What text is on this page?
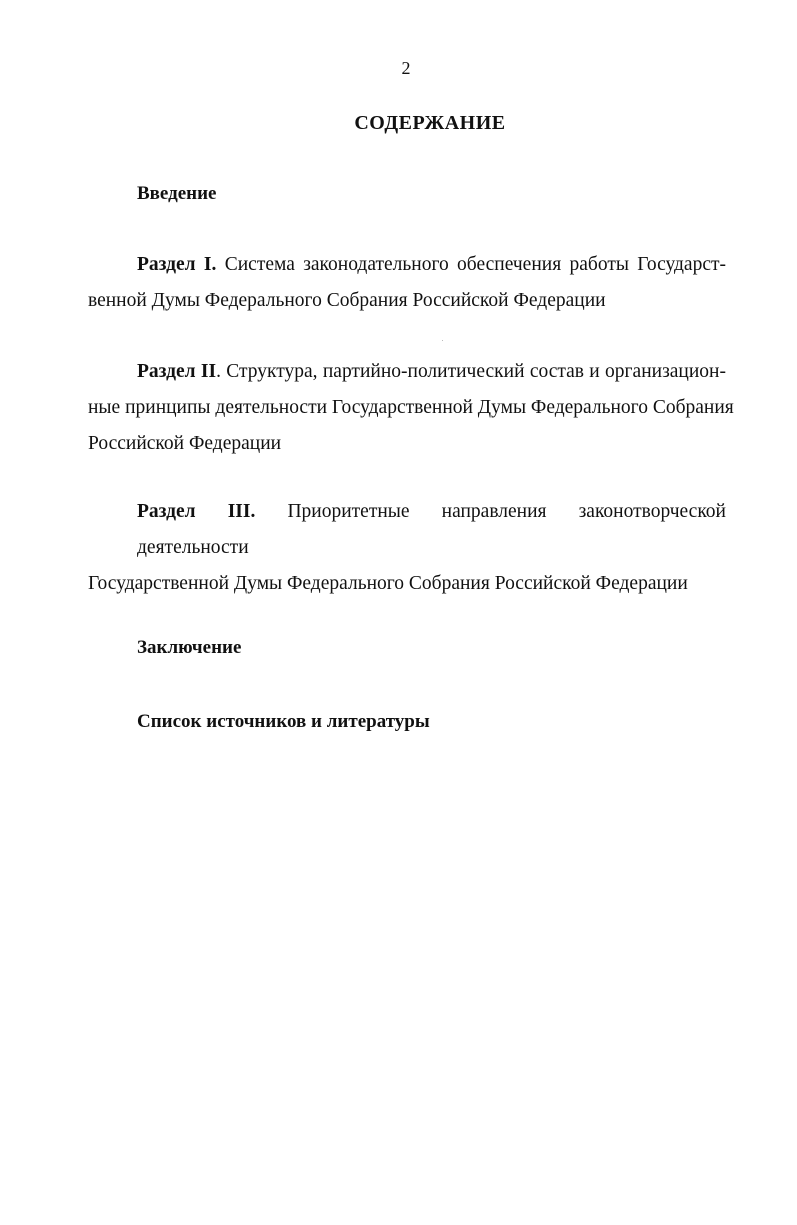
2
СОДЕРЖАНИЕ
Введение
Раздел I. Система законодательного обеспечения работы Государст-
венной Думы Федерального Собрания Российской Федерации
Раздел II. Структура, партийно-политический состав и организацион-
ные принципы деятельности Государственной Думы Федерального Собрания
Российской Федерации
Раздел III. Приоритетные направления законотворческой деятельности
Государственной Думы Федерального Собрания Российской Федерации
Заключение
Список источников и литературы
